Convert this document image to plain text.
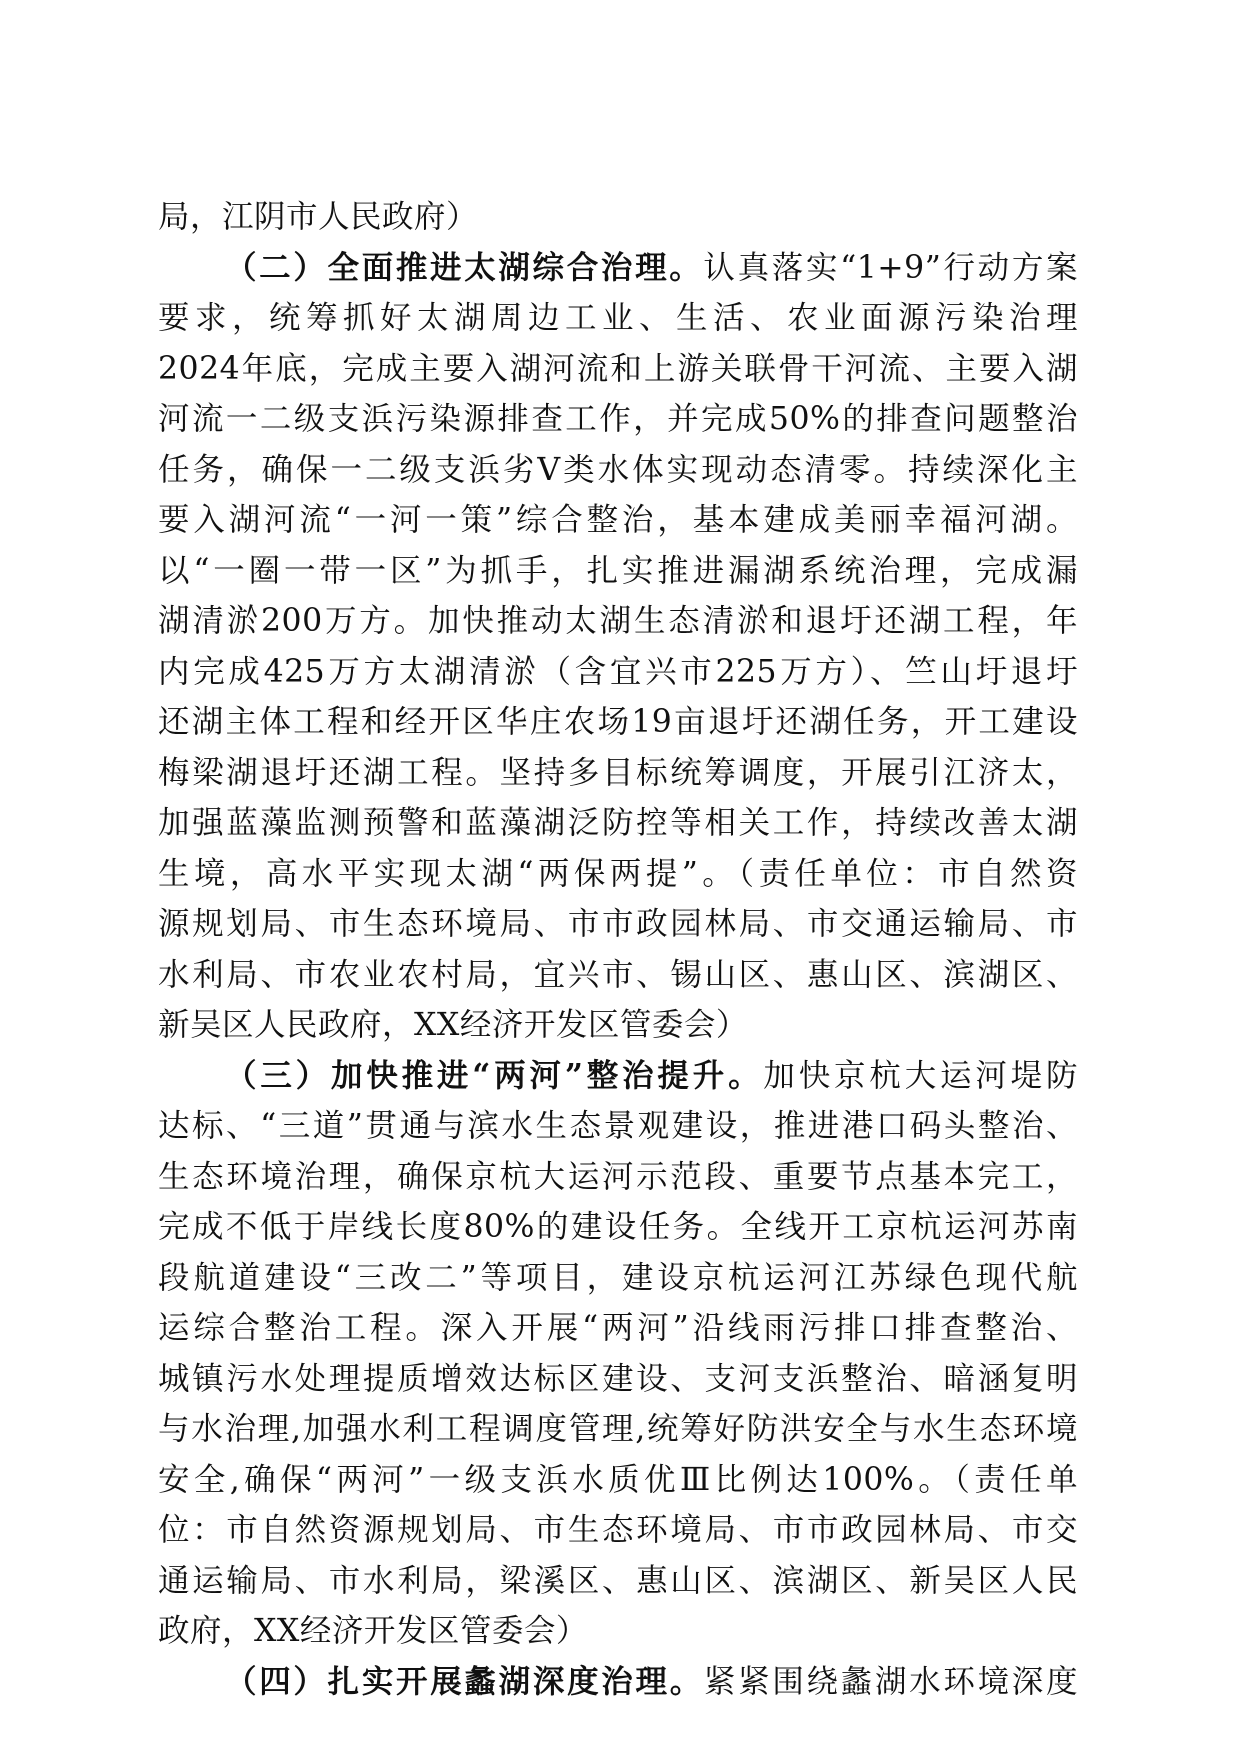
局，江阴市人民政府）
（二）全面推进太湖综合治理。认真落实“1+9”行动方案
要求，统筹抓好太湖周边工业、生活、农业面源污染治理
2024年底，完成主要入湖河流和上游关联骨干河流、主要入湖
河流一二级支浜污染源排查工作，并完成50%的排查问题整治
任务，确保一二级支浜劣Ⅴ类水体实现动态清零。持续深化主
要入湖河流“一河一策”综合整治，基本建成美丽幸福河湖。
以“一圈一带一区”为抓手，扎实推进漏湖系统治理，完成漏
湖清淤200万方。加快推动太湖生态清淤和退圩还湖工程，年
内完成425万方太湖清淤（含宜兴市225万方）、竺山圩退圩
还湖主体工程和经开区华庄农场19亩退圩还湖任务，开工建设
梅梁湖退圩还湖工程。坚持多目标统筹调度，开展引江济太，
加强蓝藻监测预警和蓝藻湖泛防控等相关工作，持续改善太湖
生境，高水平实现太湖“两保两提”。（责任单位：市自然资
源规划局、市生态环境局、市市政园林局、市交通运输局、市
水利局、市农业农村局，宜兴市、锡山区、惠山区、滨湖区、
新吴区人民政府，XX经济开发区管委会）
（三）加快推进“两河”整治提升。加快京杭大运河堤防
达标、“三道”贯通与滨水生态景观建设，推进港口码头整治、
生态环境治理，确保京杭大运河示范段、重要节点基本完工，
完成不低于岸线长度80%的建设任务。全线开工京杭运河苏南
段航道建设“三改二”等项目，建设京杭运河江苏绿色现代航
运综合整治工程。深入开展“两河”沿线雨污排口排查整治、
城镇污水处理提质增效达标区建设、支河支浜整治、暗涵复明
与水治理,加强水利工程调度管理,统筹好防洪安全与水生态环境
安全,确保“两河”一级支浜水质优Ⅲ比例达100%。（责任单
位：市自然资源规划局、市生态环境局、市市政园林局、市交
通运输局、市水利局，梁溪区、惠山区、滨湖区、新吴区人民
政府，XX经济开发区管委会）
（四）扎实开展蠡湖深度治理。紧紧围绕蠡湖水环境深度
